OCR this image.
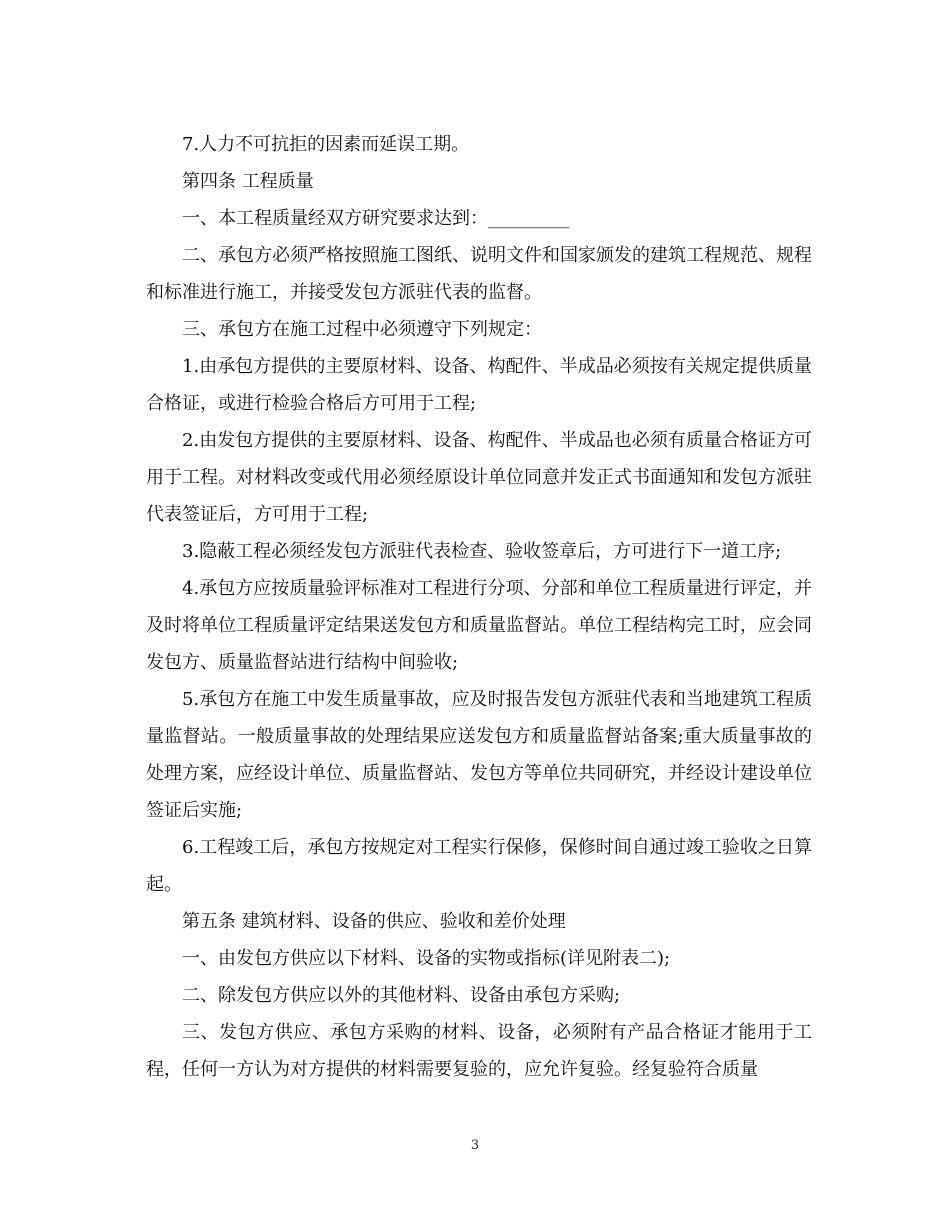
7.人力不可抗拒的因素而延误工期。

第四条 工程质量

一、本工程质量经双方研究要求达到：_________

二、承包方必须严格按照施工图纸、说明文件和国家颁发的建筑工程规范、规程和标准进行施工，并接受发包方派驻代表的监督。

三、承包方在施工过程中必须遵守下列规定：

1.由承包方提供的主要原材料、设备、构配件、半成品必须按有关规定提供质量合格证，或进行检验合格后方可用于工程;

2.由发包方提供的主要原材料、设备、构配件、半成品也必须有质量合格证方可用于工程。对材料改变或代用必须经原设计单位同意并发正式书面通知和发包方派驻代表签证后，方可用于工程;

3.隐蔽工程必须经发包方派驻代表检查、验收签章后，方可进行下一道工序;

4.承包方应按质量验评标准对工程进行分项、分部和单位工程质量进行评定，并及时将单位工程质量评定结果送发包方和质量监督站。单位工程结构完工时，应会同发包方、质量监督站进行结构中间验收;

5.承包方在施工中发生质量事故，应及时报告发包方派驻代表和当地建筑工程质量监督站。一般质量事故的处理结果应送发包方和质量监督站备案;重大质量事故的处理方案，应经设计单位、质量监督站、发包方等单位共同研究，并经设计建设单位签证后实施;

6.工程竣工后，承包方按规定对工程实行保修，保修时间自通过竣工验收之日算起。

第五条 建筑材料、设备的供应、验收和差价处理

一、由发包方供应以下材料、设备的实物或指标(详见附表二);

二、除发包方供应以外的其他材料、设备由承包方采购;

三、发包方供应、承包方采购的材料、设备，必须附有产品合格证才能用于工程，任何一方认为对方提供的材料需要复验的，应允许复验。经复验符合质量

3
